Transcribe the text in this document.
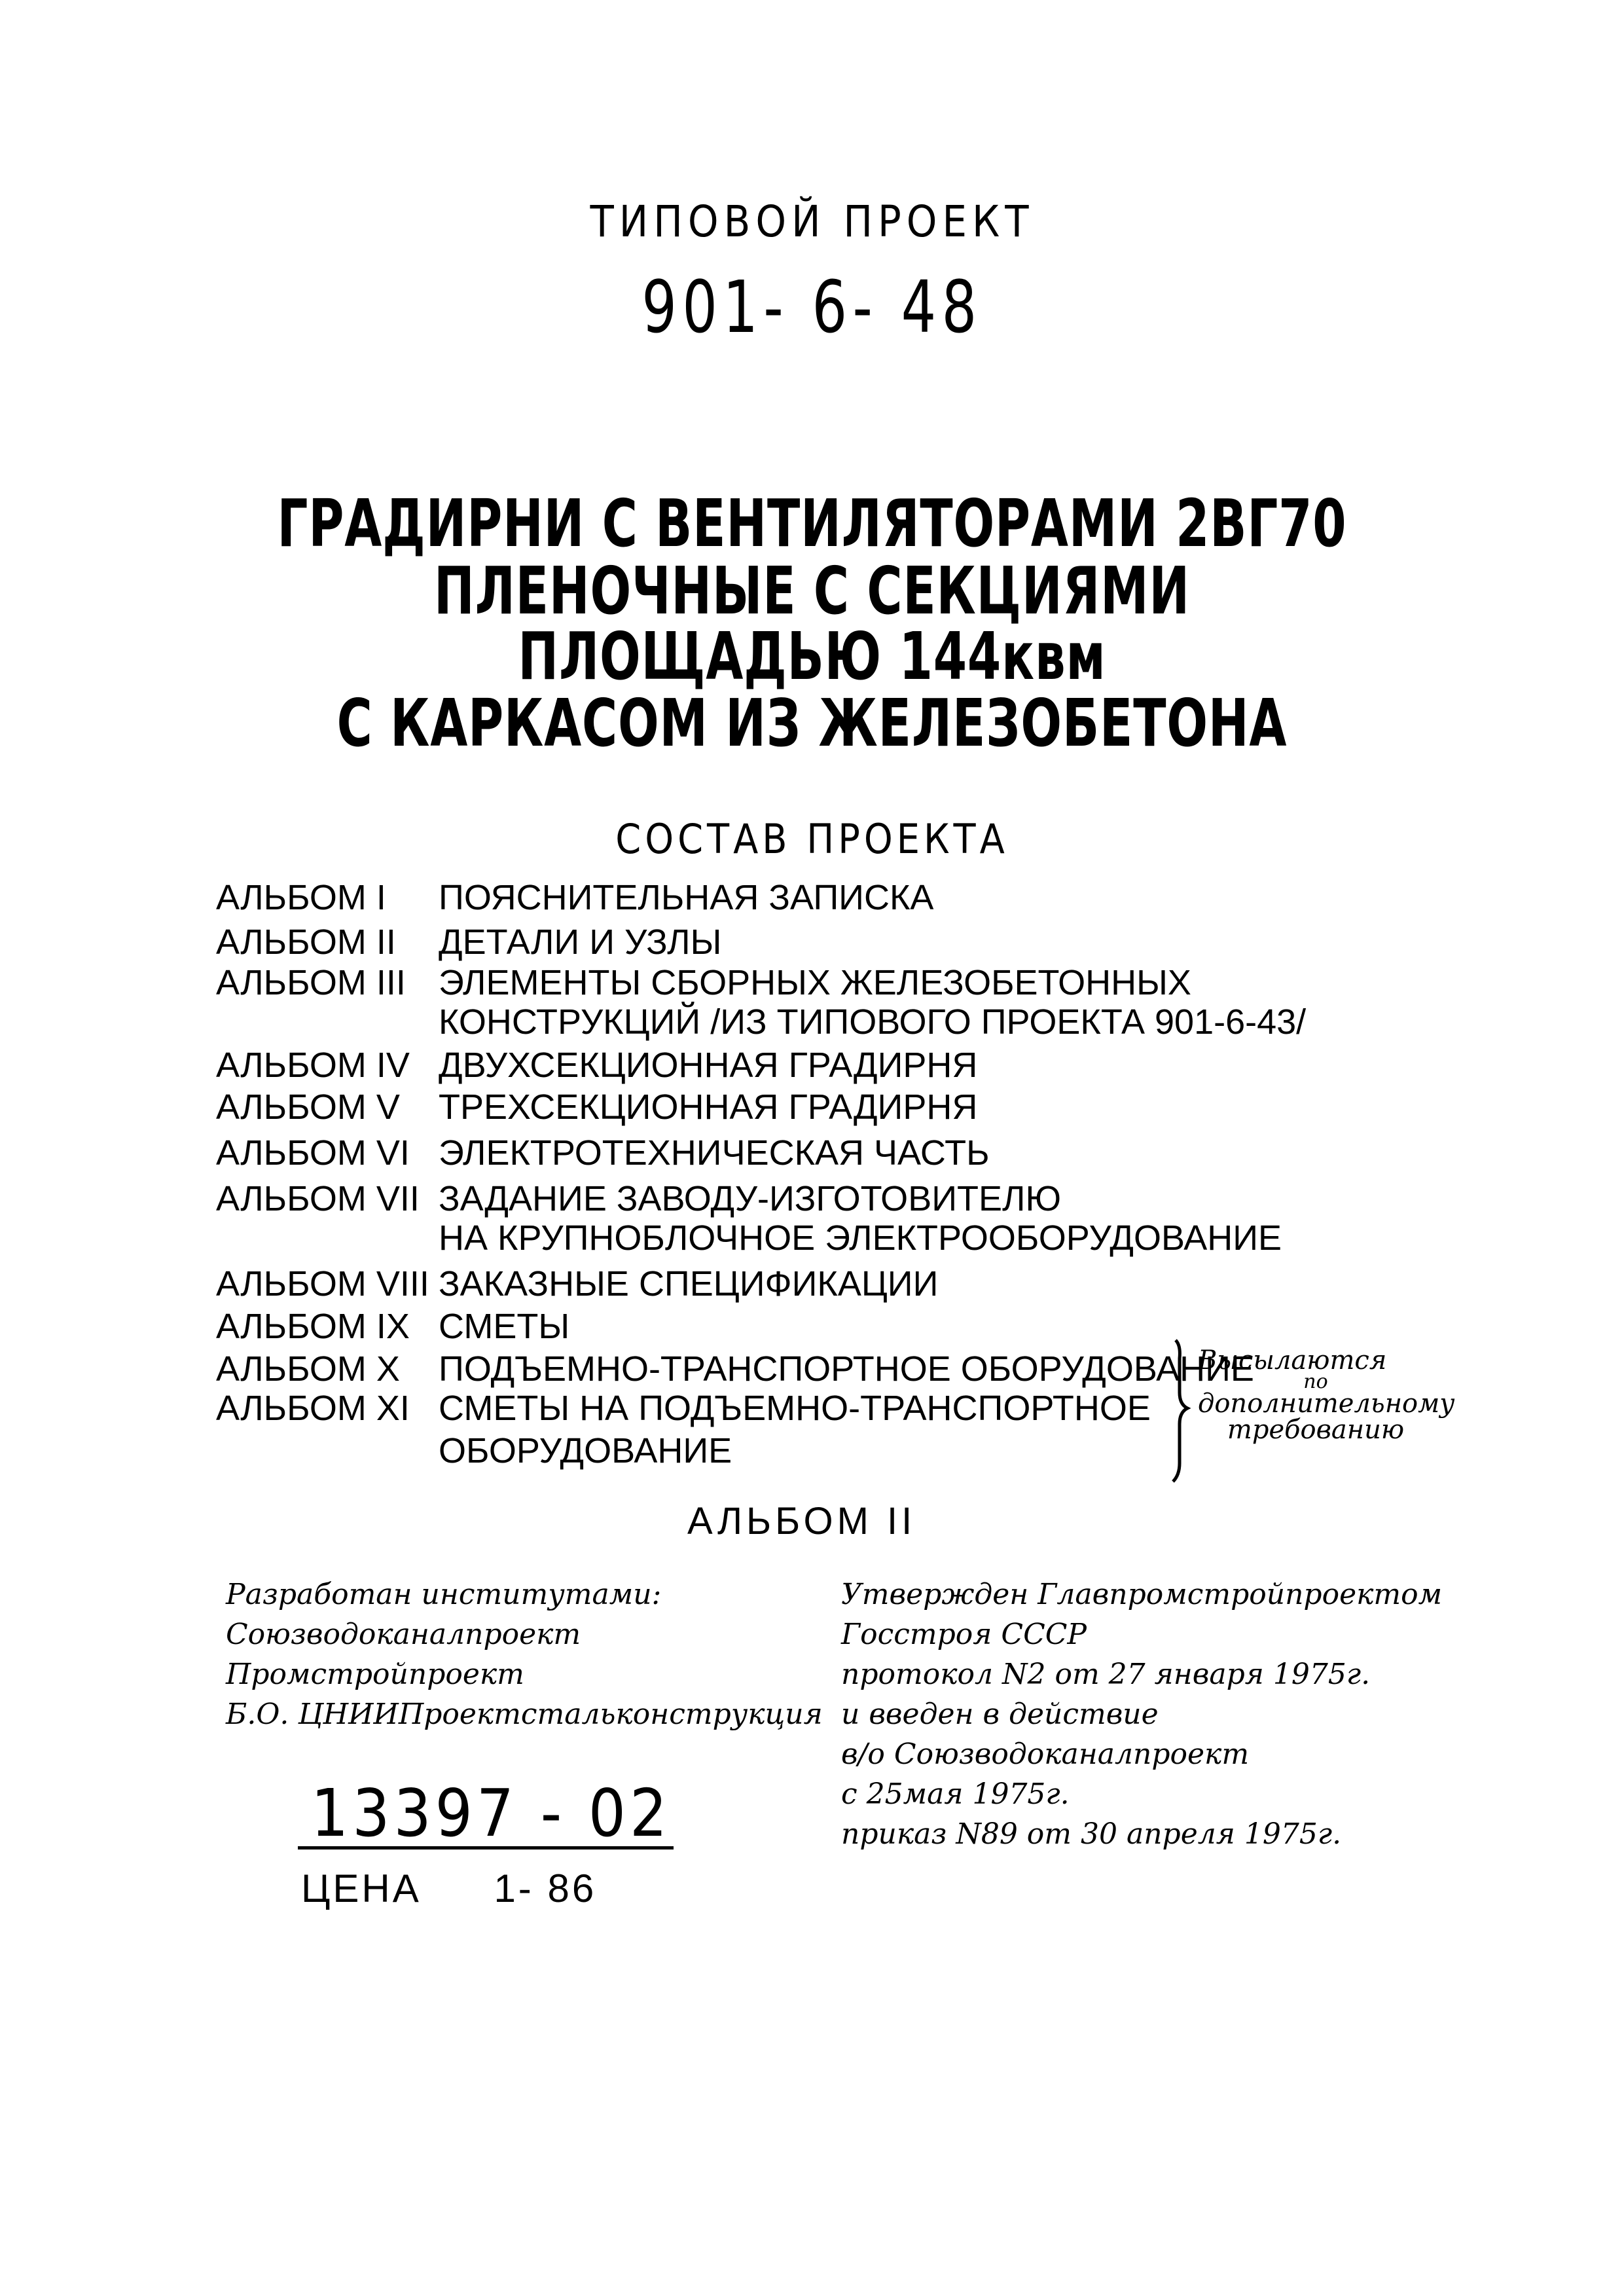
ТИПОВОЙ ПРОЕКТ
901- 6- 48
ГРАДИРНИ С ВЕНТИЛЯТОРАМИ 2ВГ70
ПЛЕНОЧНЫЕ С СЕКЦИЯМИ
ПЛОЩАДЬЮ 144квм
С КАРКАСОМ ИЗ ЖЕЛЕЗОБЕТОНА
СОСТАВ ПРОЕКТА
АЛЬБОМ I	ПОЯСНИТЕЛЬНАЯ ЗАПИСКА
АЛЬБОМ II	ДЕТАЛИ И УЗЛЫ
АЛЬБОМ III ЭЛЕМЕНТЫ СБОРНЫХ ЖЕЛЕЗОБЕТОННЫХ
КОНСТРУКЦИЙ /ИЗ ТИПОВОГО ПРОЕКТА 901-6-43/
АЛЬБОМ IV ДВУХСЕКЦИОННАЯ ГРАДИРНЯ
АЛЬБОМ V	ТРЕХСЕКЦИОННАЯ ГРАДИРНЯ
АЛЬБОМ VI ЭЛЕКТРОТЕХНИЧЕСКАЯ ЧАСТЬ
АЛЬБОМ VII ЗАДАНИЕ ЗАВОДУ-ИЗГОТОВИТЕЛЮ
НА КРУПНОБЛОЧНОЕ ЭЛЕКТРООБОРУДОВАНИЕ
АЛЬБОМ VIII ЗАКАЗНЫЕ СПЕЦИФИКАЦИИ
АЛЬБОМ IX СМЕТЫ
АЛЬБОМ X	ПОДЪЕМНО-ТРАНСПОРТНОЕ ОБОРУДОВАНИЕ
АЛЬБОМ XI СМЕТЫ НА ПОДЪЕМНО-ТРАНСПОРТНОЕ
ОБОРУДОВАНИЕ
Высылаются
по
дополнительному
требованию
АЛЬБОМ II
Разработан институтами:
Союзводоканалпроект
Промстройпроект
Б.О. ЦНИИПроектстальконструкция
Утвержден Главпромстройпроектом
Госстроя СССР
протокол N2 от 27 января 1975г.
и введен в действие
в/о Союзводоканалпроект
с 25мая 1975г.
приказ N89 от 30 апреля 1975г.
13397 - 02
ЦЕНА 1- 86
